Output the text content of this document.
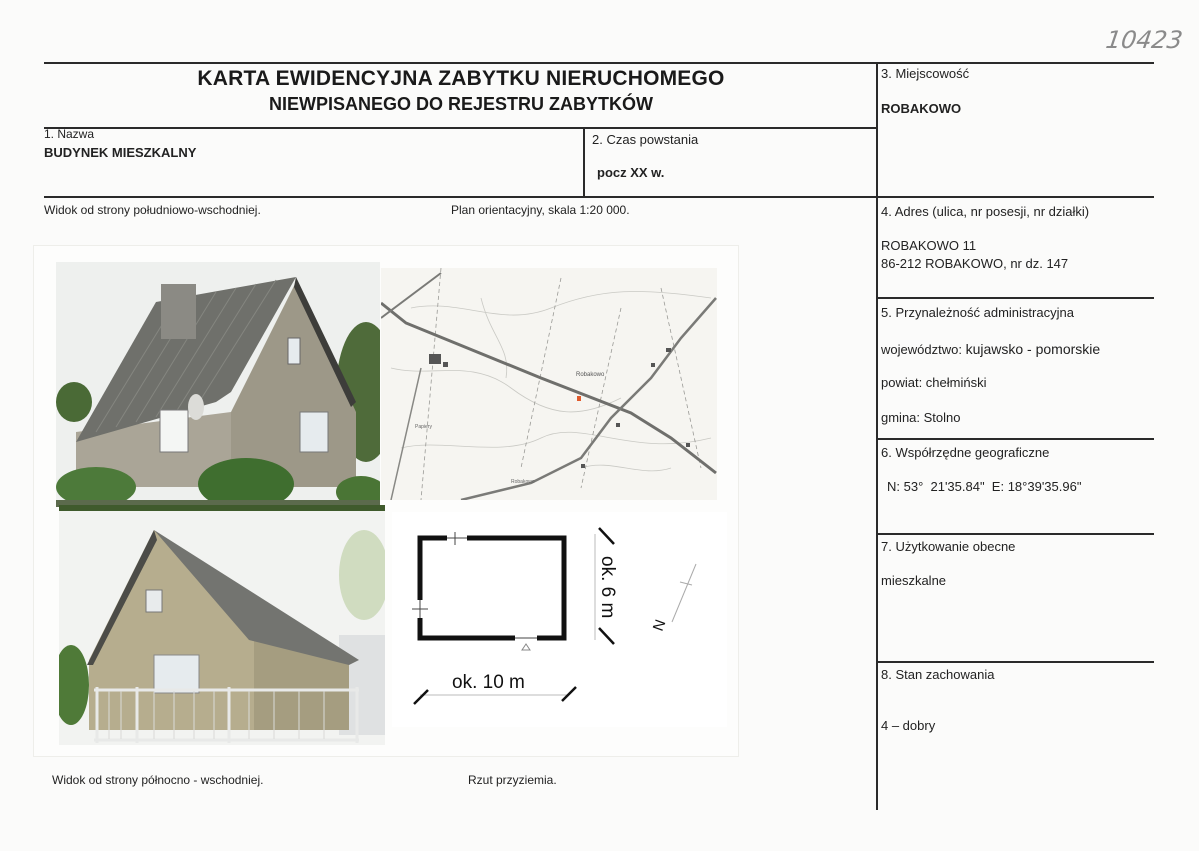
10423
KARTA EWIDENCYJNA ZABYTKU NIERUCHOMEGO
NIEWPISANEGO DO REJESTRU ZABYTKÓW
1. Nazwa
BUDYNEK MIESZKALNY
2. Czas powstania
pocz XX w.
3. Miejscowość
ROBAKOWO
4. Adres (ulica, nr posesji, nr działki)
ROBAKOWO 11
86-212 ROBAKOWO, nr dz. 147
5. Przynależność administracyjna
województwo: kujawsko - pomorskie
powiat: chełmiński
gmina: Stolno
6. Współrzędne geograficzne
N: 53°  21'35.84"  E: 18°39'35.96"
7. Użytkowanie obecne
mieszkalne
8. Stan zachowania
4 – dobry
Widok od strony południowo-wschodniej.	Plan orientacyjny, skala 1:20 000.
Widok od strony północno - wschodniej.	Rzut przyziemia.
Robakowo
Robakowo
Papiery
ok. 6 m
ok. 10 m
N
